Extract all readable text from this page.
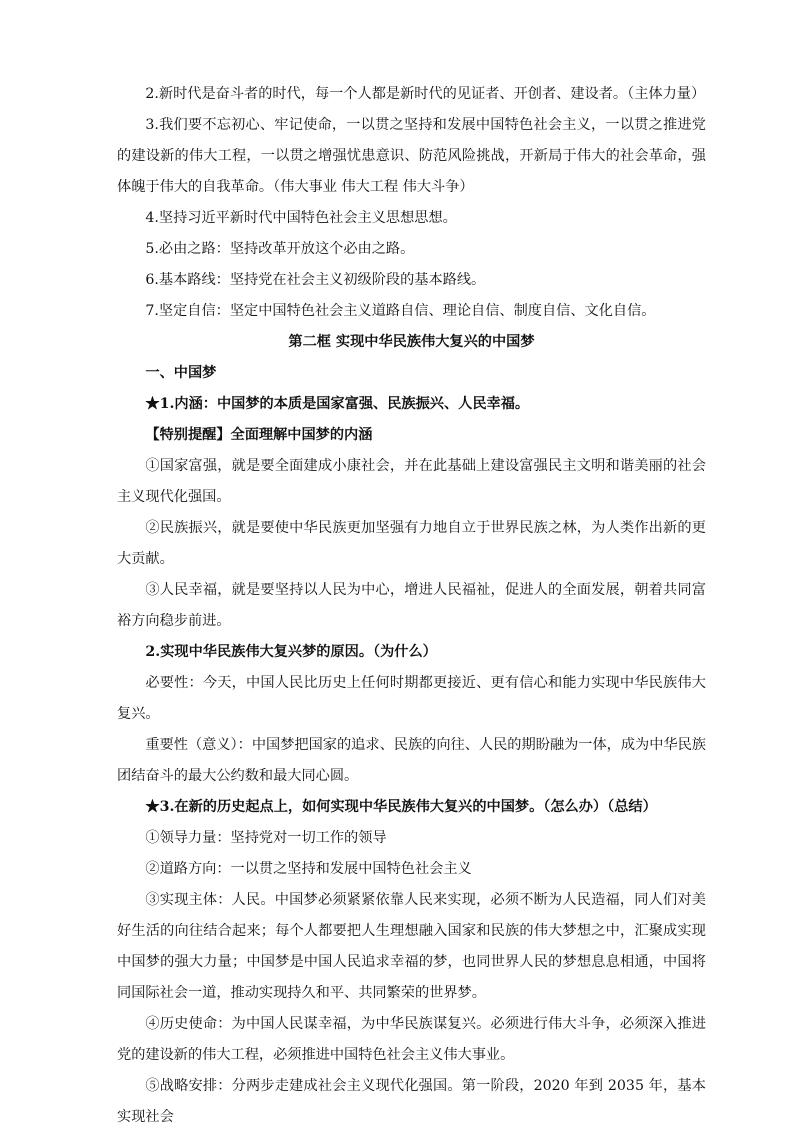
2.新时代是奋斗者的时代，每一个人都是新时代的见证者、开创者、建设者。（主体力量）

3.我们要不忘初心、牢记使命，一以贯之坚持和发展中国特色社会主义，一以贯之推进党的建设新的伟大工程，一以贯之增强忧患意识、防范风险挑战，开新局于伟大的社会革命，强体魄于伟大的自我革命。（伟大事业 伟大工程 伟大斗争）

4.坚持习近平新时代中国特色社会主义思想思想。

5.必由之路：坚持改革开放这个必由之路。

6.基本路线：坚持党在社会主义初级阶段的基本路线。

7.坚定自信：坚定中国特色社会主义道路自信、理论自信、制度自信、文化自信。

第二框 实现中华民族伟大复兴的中国梦

一、中国梦

★1.内涵：中国梦的本质是国家富强、民族振兴、人民幸福。

【特别提醒】全面理解中国梦的内涵

①国家富强，就是要全面建成小康社会，并在此基础上建设富强民主文明和谐美丽的社会主义现代化强国。

②民族振兴，就是要使中华民族更加坚强有力地自立于世界民族之林，为人类作出新的更大贡献。

③人民幸福，就是要坚持以人民为中心，增进人民福祉，促进人的全面发展，朝着共同富裕方向稳步前进。

2.实现中华民族伟大复兴梦的原因。（为什么）

必要性：今天，中国人民比历史上任何时期都更接近、更有信心和能力实现中华民族伟大复兴。

重要性（意义）：中国梦把国家的追求、民族的向往、人民的期盼融为一体，成为中华民族团结奋斗的最大公约数和最大同心圆。

★3.在新的历史起点上，如何实现中华民族伟大复兴的中国梦。（怎么办）（总结）

①领导力量：坚持党对一切工作的领导

②道路方向：一以贯之坚持和发展中国特色社会主义

③实现主体：人民。中国梦必须紧紧依靠人民来实现，必须不断为人民造福，同人们对美好生活的向往结合起来；每个人都要把人生理想融入国家和民族的伟大梦想之中，汇聚成实现中国梦的强大力量；中国梦是中国人民追求幸福的梦，也同世界人民的梦想息息相通，中国将同国际社会一道，推动实现持久和平、共同繁荣的世界梦。

④历史使命：为中国人民谋幸福，为中华民族谋复兴。必须进行伟大斗争，必须深入推进党的建设新的伟大工程，必须推进中国特色社会主义伟大事业。

⑤战略安排：分两步走建成社会主义现代化强国。第一阶段，2020 年到 2035 年，基本实现社会
